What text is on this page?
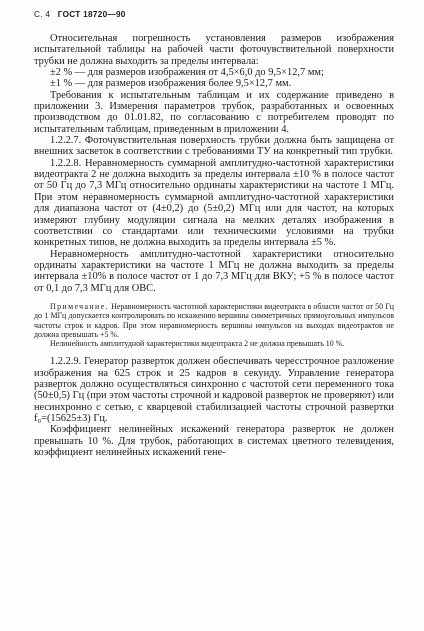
С. 4 ГОСТ 18720—90

Относительная погрешность установления размеров изображения испытательной таблицы на рабочей части фоточувствительной поверхности трубки не должна выходить за пределы интервала:

±2 % — для размеров изображения от 4,5×6,0 до 9,5×12,7 мм;

±1 % — для размеров изображения более 9,5×12,7 мм.

Требования к испытательным таблицам и их содержание приведено в приложении 3. Измерения параметров трубок, разработанных и освоенных производством до 01.01.82, по согласованию с потребителем проводят по испытательным таблицам, приведенным в приложении 4.

1.2.2.7. Фоточувствительная поверхность трубки должна быть защищена от внешних засветок в соответствии с требованиями ТУ на конкретный тип трубки.

1.2.2.8. Неравномерность суммарной амплитудно-частотной характеристики видеотракта 2 не должна выходить за пределы интервала ±10 % в полосе частот от 50 Гц до 7,3 МГц относительно ординаты характеристики на частоте 1 МГц. При этом неравномерность суммарной амплитудно-частотной характеристики для диапазона частот от (4±0,2) до (5±0,2) МГц или для частот, на которых измеряют глубину модуляции сигнала на мелких деталях изображения в соответствии со стандартами или техническими условиями на трубки конкретных типов, не должна выходить за пределы интервала ±5 %.

Неравномерность амплитудно-частотной характеристики относительно ординаты характеристики на частоте 1 МГц не должна выходить за пределы интервала ±10% в полосе частот от 1 до 7,3 МГц для ВКУ; +5 % в полосе частот от 0,1 до 7,3 МГц для ОВС.

Примечание. Неравномерность частотной характеристики видеотракта в области частот от 50 Гц до 1 МГц допускается контролировать по искажению вершины симметричных прямоугольных импульсов частоты строк и кадров. При этом неравномерность вершины импульсов на выходах видеотрактов не должна превышать +5 %.

Нелинейность амплитудной характеристики видеотракта 2 не должна превышать 10 %.

1.2.2.9. Генератор разверток должен обеспечивать чересстрочное разложение изображения на 625 строк и 25 кадров в секунду. Управление генератора разверток должно осуществляться синхронно с частотой сети переменного тока (50±0,5) Гц (при этом частоты строчной и кадровой разверток не проверяют) или несинхронно с сетью, с кварцевой стабилизацией частоты строчной развертки f₀=(15625±3) Гц.

Коэффициент нелинейных искажений генератора разверток не должен превышать 10 %. Для трубок, работающих в системах цветного телевидения, коэффициент нелинейных искажений гене-
